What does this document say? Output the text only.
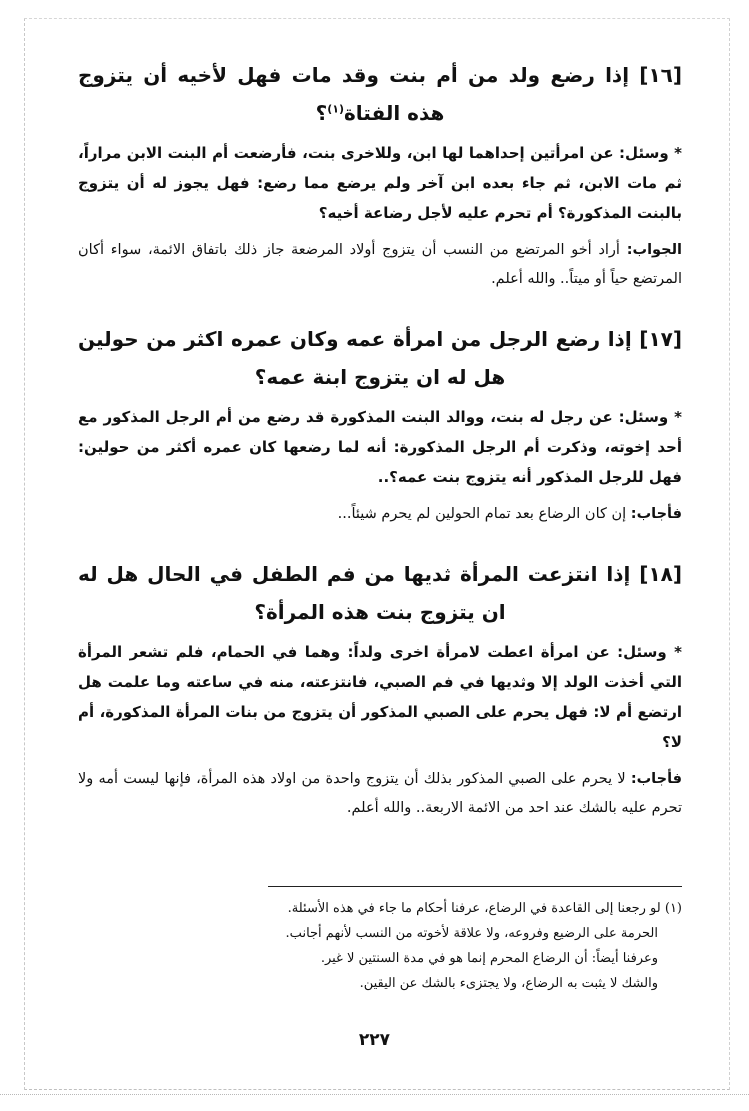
[١٦] إذا رضع ولد من أم بنت وقد مات فهل لأخيه أن يتزوج هذه الفتاة$^{(١)}$؟

* وسئل: عن امرأتين إحداهما لها ابن، وللاخرى بنت، فأرضعت أم البنت الابن مراراً، ثم مات الابن، ثم جاء بعده ابن آخر ولم يرضع مما رضع: فهل يجوز له أن يتزوج بالبنت المذكورة؟ أم تحرم عليه لأجل رضاعة أخيه؟

الجواب: أراد أخو المرتضع من النسب أن يتزوج أولاد المرضعة جاز ذلك باتفاق الائمة، سواء أكان المرتضع حياً أو ميتاً.. والله أعلم.

[١٧] إذا رضع الرجل من امرأة عمه وكان عمره اكثر من حولين هل له ان يتزوج ابنة عمه؟

* وسئل: عن رجل له بنت، ووالد البنت المذكورة قد رضع من أم الرجل المذكور مع أحد إخوته، وذكرت أم الرجل المذكورة: أنه لما رضعها كان عمره أكثر من حولين: فهل للرجل المذكور أنه يتزوج بنت عمه؟..

فأجاب: إن كان الرضاع بعد تمام الحولين لم يحرم شيئاً...

[١٨] إذا انتزعت المرأة ثديها من فم الطفل في الحال هل له ان يتزوج بنت هذه المرأة؟

* وسئل: عن امرأة اعطت لامرأة اخرى ولداً: وهما في الحمام، فلم تشعر المرأة التي أخذت الولد إلا وثديها في فم الصبي، فانتزعته، منه في ساعته وما علمت هل ارتضع أم لا: فهل يحرم على الصبي المذكور أن يتزوج من بنات المرأة المذكورة، أم لا؟

فأجاب: لا يحرم على الصبي المذكور بذلك أن يتزوج واحدة من اولاد هذه المرأة، فإنها ليست أمه ولا تحرم عليه بالشك عند احد من الائمة الاربعة.. والله أعلم.

(١) لو رجعنا إلى القاعدة في الرضاع، عرفنا أحكام ما جاء في هذه الأسئلة.

الحرمة على الرضيع وفروعه، ولا علاقة لأخوته من النسب لأنهم أجانب.

وعرفنا أيضاً: أن الرضاع المحرم إنما هو في مدة السنتين لا غير.

والشك لا يثبت به الرضاع، ولا يجتزىء بالشك عن اليقين.

٢٢٧
